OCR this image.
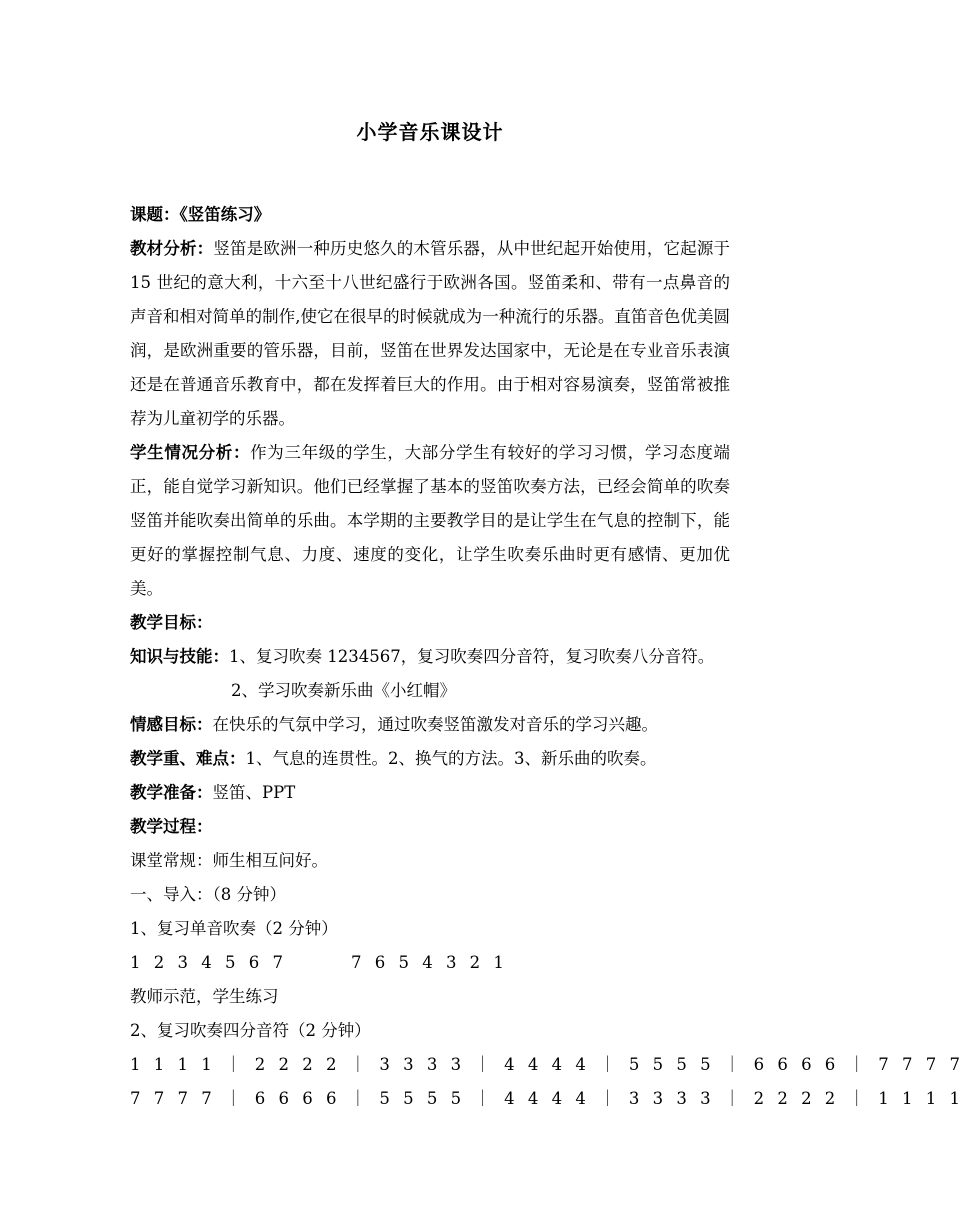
小学音乐课设计

课题：《竖笛练习》

教材分析：竖笛是欧洲一种历史悠久的木管乐器，从中世纪起开始使用，它起源于 15 世纪的意大利，十六至十八世纪盛行于欧洲各国。竖笛柔和、带有一点鼻音的声音和相对简单的制作,使它在很早的时候就成为一种流行的乐器。直笛音色优美圆润，是欧洲重要的管乐器，目前，竖笛在世界发达国家中，无论是在专业音乐表演还是在普通音乐教育中，都在发挥着巨大的作用。由于相对容易演奏，竖笛常被推荐为儿童初学的乐器。

学生情况分析：作为三年级的学生，大部分学生有较好的学习习惯，学习态度端正，能自觉学习新知识。他们已经掌握了基本的竖笛吹奏方法，已经会简单的吹奏竖笛并能吹奏出简单的乐曲。本学期的主要教学目的是让学生在气息的控制下，能更好的掌握控制气息、力度、速度的变化，让学生吹奏乐曲时更有感情、更加优美。

教学目标：

知识与技能：1、复习吹奏 1234567，复习吹奏四分音符，复习吹奏八分音符。

2、学习吹奏新乐曲《小红帽》

情感目标：在快乐的气氛中学习，通过吹奏竖笛激发对音乐的学习兴趣。

教学重、难点：1、气息的连贯性。2、换气的方法。3、新乐曲的吹奏。

教学准备：竖笛、PPT

教学过程：

课堂常规：师生相互问好。

一、导入：（8 分钟）

1、复习单音吹奏（2 分钟）

1 2 3 4 5 6 7	7 6 5 4 3 2 1

教师示范，学生练习

2、复习吹奏四分音符（2 分钟）

1 1 1 1 ｜ 2 2 2 2 ｜ 3 3 3 3 ｜ 4 4 4 4 ｜ 5 5 5 5 ｜ 6 6 6 6 ｜ 7 7 7 7

7 7 7 7 ｜ 6 6 6 6 ｜ 5 5 5 5 ｜ 4 4 4 4 ｜ 3 3 3 3 ｜ 2 2 2 2 ｜ 1 1 1 1
